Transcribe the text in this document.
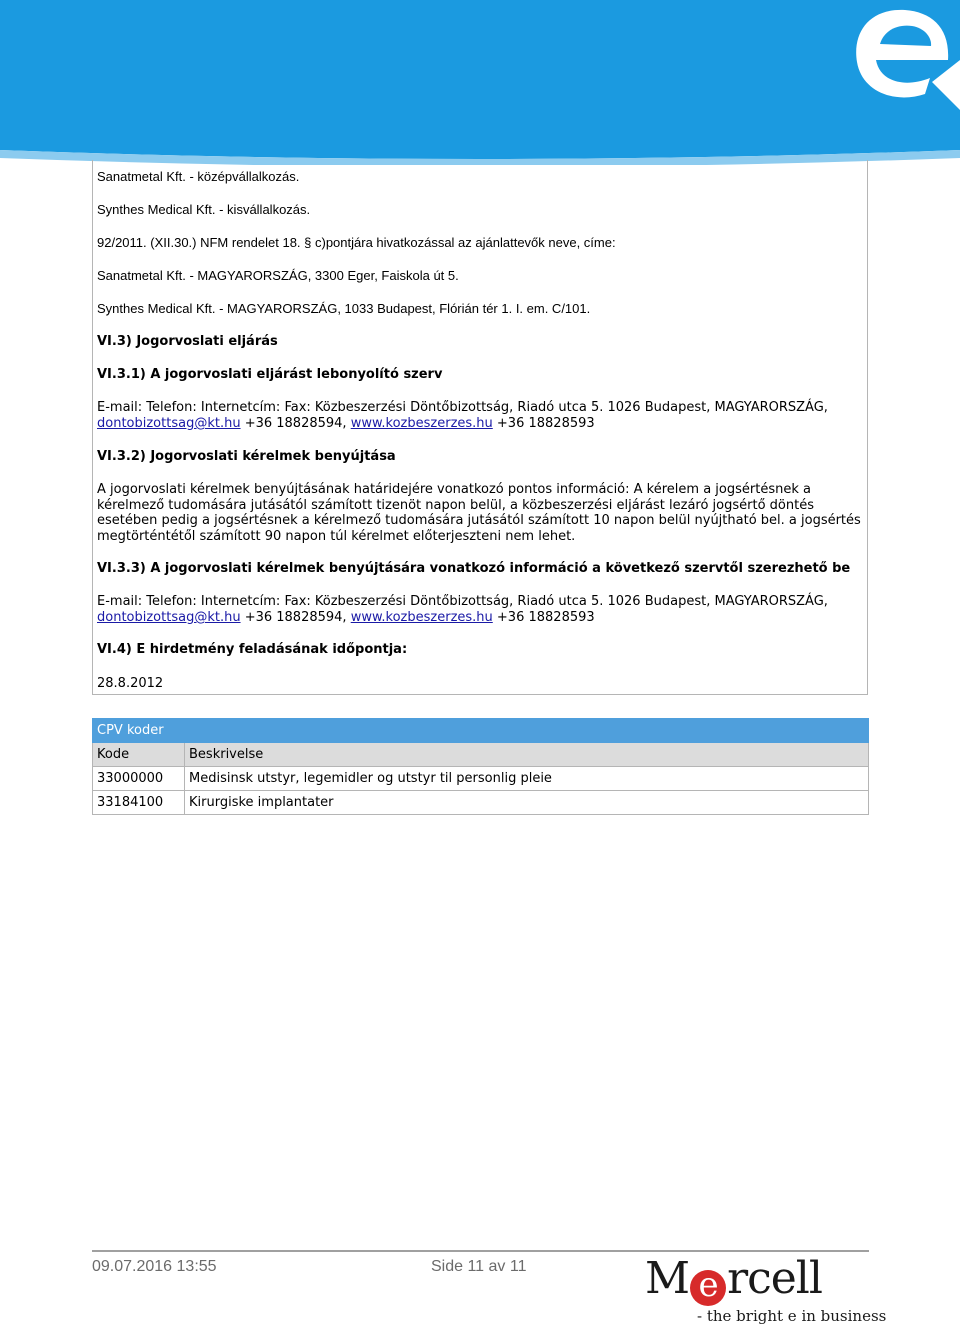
Sanatmetal Kft. - középvállalkozás.
Synthes Medical Kft. - kisvállalkozás.
92/2011. (XII.30.) NFM rendelet 18. § c)pontjára hivatkozással az ajánlattevők neve, címe:
Sanatmetal Kft. - MAGYARORSZÁG, 3300 Eger, Faiskola út 5.
Synthes Medical Kft. - MAGYARORSZÁG, 1033 Budapest, Flórián tér 1. I. em. C/101.
VI.3) Jogorvoslati eljárás
VI.3.1) A jogorvoslati eljárást lebonyolító szerv
E-mail: Telefon: Internetcím: Fax: Közbeszerzési Döntőbizottság, Riadó utca 5. 1026 Budapest, MAGYARORSZÁG,
dontobizottsag@kt.hu +36 18828594, www.kozbeszerzes.hu +36 18828593
VI.3.2) Jogorvoslati kérelmek benyújtása
A jogorvoslati kérelmek benyújtásának határidejére vonatkozó pontos információ: A kérelem a jogsértésnek a kérelmező tudomására jutásától számított tizenöt napon belül, a közbeszerzési eljárást lezáró jogsértő döntés esetében pedig a jogsértésnek a kérelmező tudomására jutásától számított 10 napon belül nyújtható bel. a jogsértés megtörténtétől számított 90 napon túl kérelmet előterjeszteni nem lehet.
VI.3.3) A jogorvoslati kérelmek benyújtására vonatkozó információ a következő szervtől szerezhető be
E-mail: Telefon: Internetcím: Fax: Közbeszerzési Döntőbizottság, Riadó utca 5. 1026 Budapest, MAGYARORSZÁG,
dontobizottsag@kt.hu +36 18828594, www.kozbeszerzes.hu +36 18828593
VI.4) E hirdetmény feladásának időpontja:
28.8.2012
CPV koder	
Kode	Beskrivelse
33000000	Medisinsk utstyr, legemidler og utstyr til personlig pleie
33184100	Kirurgiske implantater
09.07.2016 13:55	Side 11 av 11	M e rcell
- the bright e in business
